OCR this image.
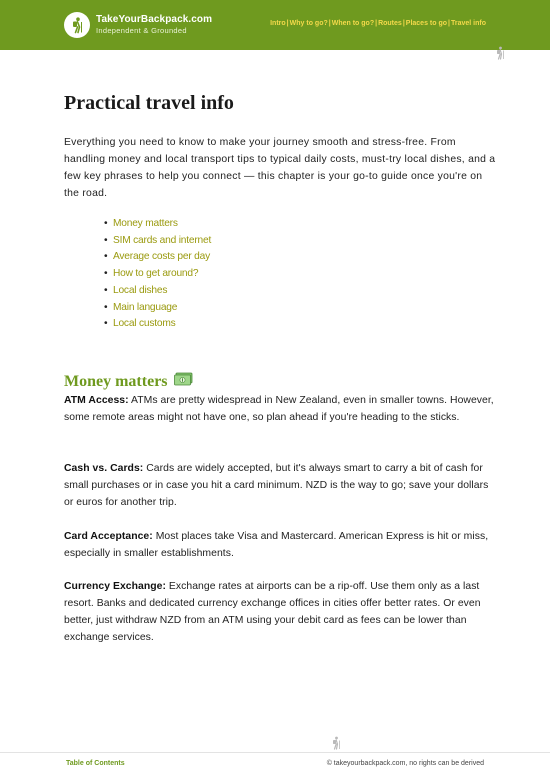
TakeYourBackpack.com
Independent & Grounded
Intro|Why to go?|When to go?|Routes|Places to go|Travel info
Practical travel info

Everything you need to know to make your journey smooth and stress-free. From handling money and local transport tips to typical daily costs, must-try local dishes, and a few key phrases to help you connect — this chapter is your go-to guide once you're on the road.

• Money matters
• SIM cards and internet
• Average costs per day
• How to get around?
• Local dishes
• Main language
• Local customs
Money matters

ATM Access: ATMs are pretty widespread in New Zealand, even in smaller towns. However, some remote areas might not have one, so plan ahead if you're heading to the sticks.

Cash vs. Cards: Cards are widely accepted, but it's always smart to carry a bit of cash for small purchases or in case you hit a card minimum. NZD is the way to go; save your dollars or euros for another trip.

Card Acceptance: Most places take Visa and Mastercard. American Express is hit or miss, especially in smaller establishments.

Currency Exchange: Exchange rates at airports can be a rip-off. Use them only as a last resort. Banks and dedicated currency exchange offices in cities offer better rates. Or even better, just withdraw NZD from an ATM using your debit card as fees can be lower than exchange services.

Table of Contents	© takeyourbackpack.com, no rights can be derived
